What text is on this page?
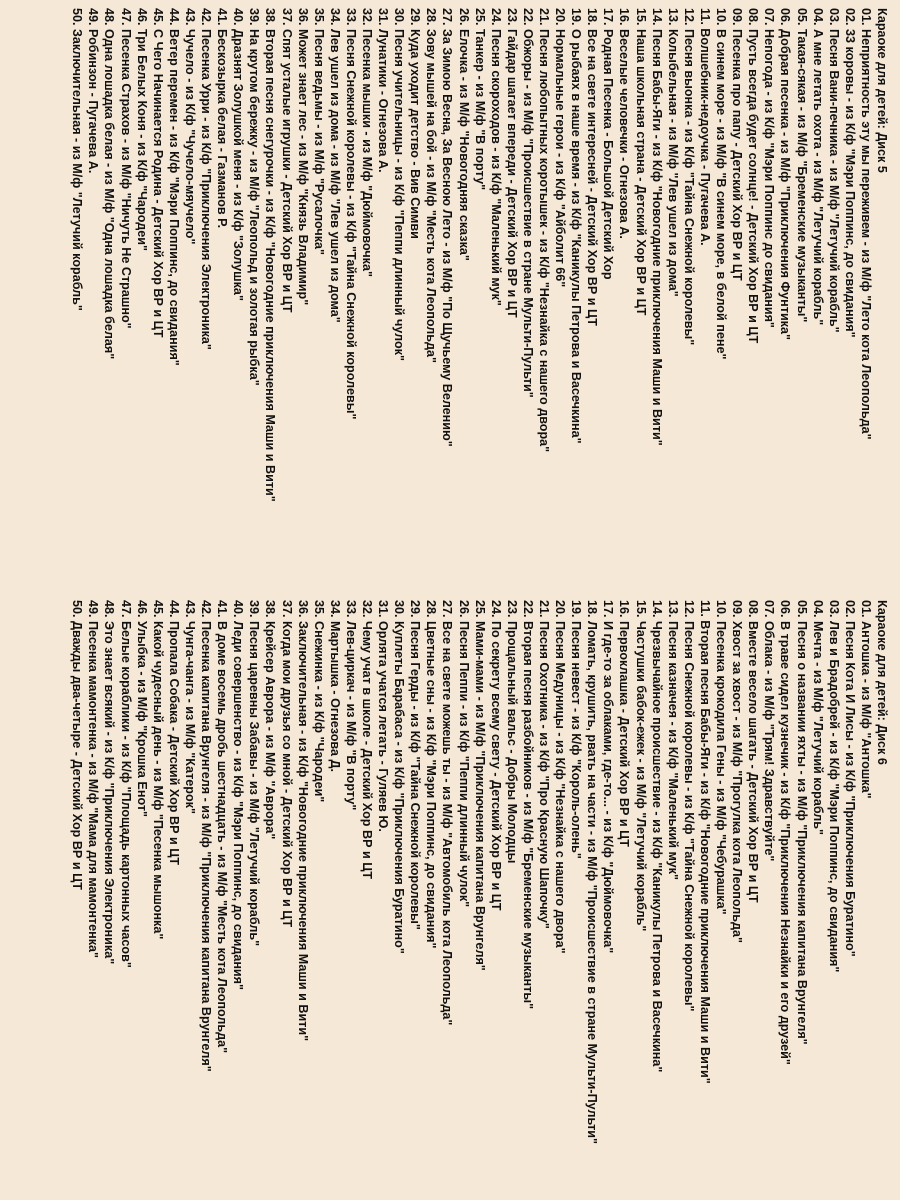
Караоке для детей: Диск 5
01. Неприятность эту мы переживем - из М/ф "Лето кота Леопольда"
02. 33 коровы - из К/ф "Мэри Поппинс, до свидания"
03. Песня Вани-печника - из М/ф "Летучий корабль"
04. А мне летать охота - из М/ф "Летучий корабль"
05. Такая-сякая - из М/ф "Бременские музыканты"
06. Добрая песенка - из М/ф "Приключения Фунтика"
07. Непогода - из К/ф "Мэри Поппинс до свидания"
08. Пусть всегда будет солнце! - Детский Хор ВР и ЦТ
09. Песенка про папу - Детский Хор ВР и ЦТ
10. В синем море - из М/ф "В синем море, в белой пене"
11. Волшебник-недоучка - Пугачева А.
12. Песня выонка - из К/ф "Тайна Снежной королевы"
13. Колыбельная - из М/ф "Лев ушел из дома"
14. Песня Бабы-Яги - из К/ф "Новогодние приключения Маши и Вити"
15. Наша школьная страна - Детский Хор ВР и ЦТ
16. Веселые человечки - Огнезова А.
17. Родная Песенка - Большой Детский Хор
18. Все на свете интересней - Детский Хор ВР и ЦТ
19. О рыбаях в наше время - из К/ф "Каникулы Петрова и Васечкина"
20. Нормальные герои - из К/ф "Айболит 66"
21. Песня любопытных коротышек - из К/ф "Незнайка с нашего двора"
22. Обжоры - из М/ф "Происшествие в стране Мульти-Пульти"
23. Гайдар шагает впереди - Детский Хор ВР и ЦТ
24. Песня скороходов - из К/ф "Маленький мук"
25. Танкер - из М/ф "В порту"
26. Елочка - из М/ф "Новогодняя сказка"
27. За Зимою Весна, За Весною Лето - из М/ф "По Щучьему Велению"
28. Зову мышей на бой - из М/ф "Месть кота Леопольда"
29. Куда уходит детство - Вив Симви
30. Песня учительницы - из К/ф "Пеппи длинный чулок"
31. Лунатики - Огнезова А.
32. Песенка мышки - из М/ф "Дюймовочка"
33. Песня Снежной королевы - из К/ф "Тайна Снежной королевы"
34. Лев ушел из дома - из М/ф "Лев ушел из дома"
35. Песня ведьмы - из М/ф "Русалочка"
36. Может знает лес - из М/ф "Князь Владимир"
37. Спят усталые игрушки - Детский Хор ВР и ЦТ
38. Вторая песня снегурочки - из К/ф "Новогодние приключения Маши и Вити"
39. На крутом бережку - из М/ф "Леопольд и золотая рыбка"
40. Дразнят Золушкой меня - из К/ф "Золушка"
41. Бескозырка белая - Газманов Р.
42. Песенка Урри - из К/ф "Приключения Электроника"
43. Чучело - из К/ф "Чучело-мяучело"
44. Ветер перемен - из К/ф "Мэри Поппинс, до свидания"
45. С Чего Начинается Родина - Детский Хор ВР и ЦТ
46. Три Белых Коня - из К/ф "Чародеи"
47. Песенка Страхов - из М/ф "Ничуть Не Страшно"
48. Одна лошадка белая - из М/ф "Одна лошадка белая"
49. Робинзон - Пугачева А.
50. Заключительная - из М/ф "Летучий корабль"
Караоке для детей: Диск 6
01. Антошка - из М/ф "Антошка"
02. Песня Кота И Лисы - из К/ф "Приключения Буратино"
03. Лев и Брадобрей - из К/ф "Мэри Поппинс, до свидания"
04. Мечта - из М/ф "Летучий корабль"
05. Песня о названии яхты - из М/ф "Приключения капитана Врунгеля"
06. В траве сидел кузнечик - из К/ф "Приключения Незнайки и его друзей"
07. Облака - из М/ф "Трям! Здравствуйте"
08. Вместе весело шагать - Детский Хор ВР и ЦТ
09. Хвост за хвост - из М/ф "Прогулка кота Леопольда"
10. Песенка крокодила Гены - из М/ф "Чебурашка"
11. Вторая песня Бабы-Яги - из К/ф "Новогодние приключения Маши и Вити"
12. Песня Снежной королевы - из К/ф "Тайна Снежной королевы"
13. Песня казначея - из К/ф "Маленький мук"
14. Чрезвычайное происшествие - из К/ф "Каникулы Петрова и Васечкина"
15. Частушки бабок-ежек - из М/ф "Летучий корабль"
16. Первоклашка - Детский Хор ВР и ЦТ
17. И где-то за облаками, где-то... - из К/ф "Дюймовочка"
18. Ломать, крушить, рвать на части - из М/ф "Происшествие в стране Мульти-Пульти"
19. Песня невест - из К/ф "Король-олень"
20. Песня Медуницы - из К/ф "Незнайка с нашего двора"
21. Песня Охотника - из К/ф "Про Красную Шапочку"
22. Вторая песня разбойников - из М/ф "Бременские музыканты"
23. Прощальный вальс - Добры Молодцы
24. По секрету всему свету - Детский Хор ВР и ЦТ
25. Мами-мами - из М/ф "Приключения капитана Врунгеля"
26. Песня Пеппи - из К/ф "Пеппи длинный чулок"
27. Все на свете можешь ты - из М/ф "Автомобиль кота Леопольда"
28. Цветные сны - из К/ф "Мэри Поппинс, до свидания"
29. Песня Герды - из К/ф "Тайна Снежной королевы"
30. Куплеты Барабаса - из К/ф "Приключения Буратино"
31. Орлята учатся летать - Гуляев Ю.
32. Чему учат в школе - Детский Хор ВР и ЦТ
33. Лев-циркач - из М/ф "В порту"
34. Мартышка - Огнезова Д.
35. Снежинка - из К/ф "Чародеи"
36. Заключительная - из К/ф "Новогодние приключения Маши и Вити"
37. Когда мои друзья со мной - Детский Хор ВР и ЦТ
38. Крейсер Аврора - из М/ф "Аврора"
39. Песня царевны Забавы - из М/ф "Летучий корабль"
40. Леди совершенство - из К/ф "Мэри Поппинс, до свидания"
41. В доме восемь дробь шестнадцать - из М/ф "Месть кота Леопольда"
42. Песенка капитана Врунгеля - из М/ф "Приключения капитана Врунгеля"
43. Чунга-чанга - из М/ф "Катерок"
44. Пропала Собака - Детский Хор ВР и ЦТ
45. Какой чудесный день - из М/ф "Песенка мышонка"
46. Улыбка - из М/ф "Крошка Енот"
47. Белые кораблики - из К/ф "Площадь картонных часов"
48. Это знает всякий - из К/ф "Приключения Электроника"
49. Песенка мамонтенка - из М/ф "Мама для мамонтенка"
50. Дважды два-четыре - Детский Хор ВР и ЦТ
